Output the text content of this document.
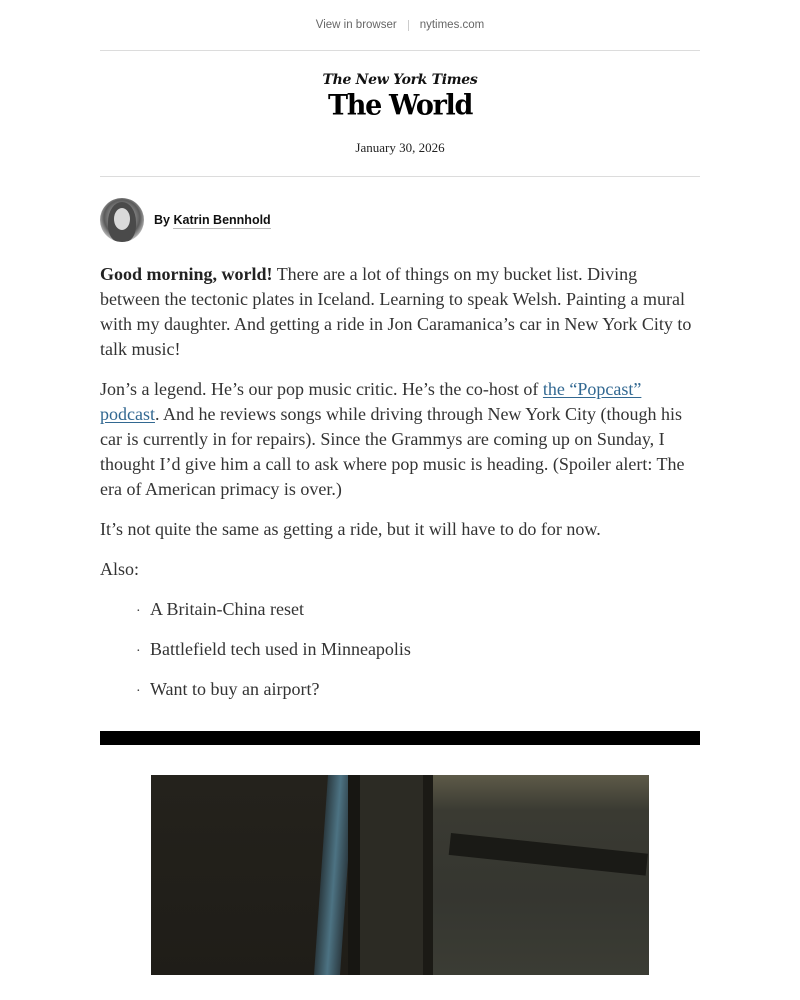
View in browser nytimes.com
The New York Times
The World
January 30, 2026
By Katrin Bennhold

Good morning, world! There are a lot of things on my bucket list. Diving between the tectonic plates in Iceland. Learning to speak Welsh. Painting a mural with my daughter. And getting a ride in Jon Caramanica’s car in New York City to talk music!

Jon’s a legend. He’s our pop music critic. He’s the co-host of the “Popcast” podcast. And he reviews songs while driving through New York City (though his car is currently in for repairs). Since the Grammys are coming up on Sunday, I thought I’d give him a call to ask where pop music is heading. (Spoiler alert: The era of American primacy is over.)

It’s not quite the same as getting a ride, but it will have to do for now.

Also:

· A Britain-China reset
· Battlefield tech used in Minneapolis
· Want to buy an airport?
